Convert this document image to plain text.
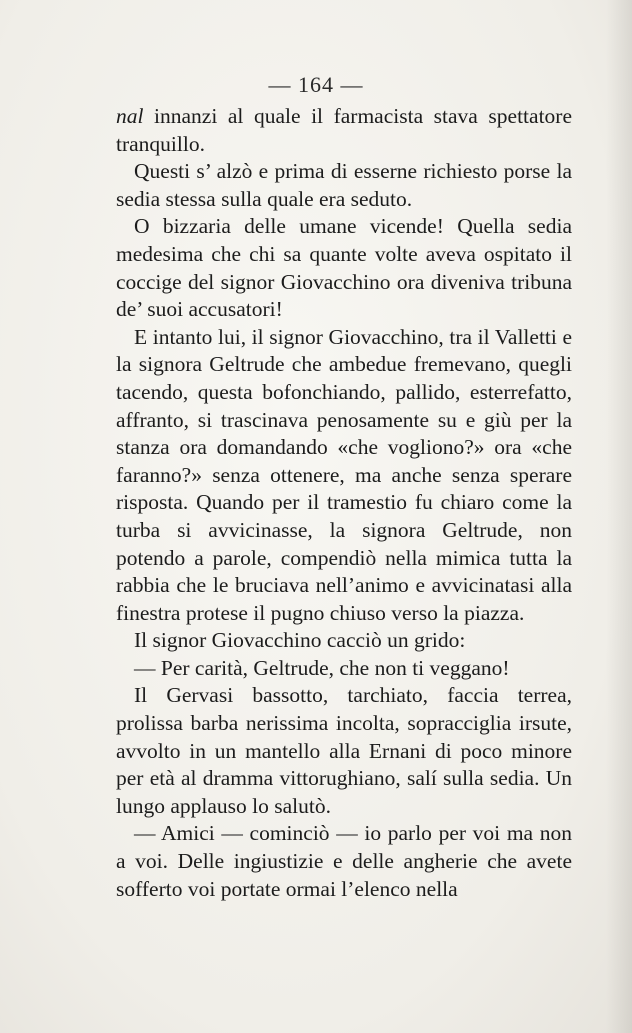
— 164 —

nal innanzi al quale il farmacista stava spettatore tranquillo.

Questi s’ alzò e prima di esserne richiesto porse la sedia stessa sulla quale era seduto.

O bizzaria delle umane vicende! Quella sedia medesima che chi sa quante volte aveva ospitato il coccige del signor Giovacchino ora diveniva tribuna de’ suoi accusatori!

E intanto lui, il signor Giovacchino, tra il Valletti e la signora Geltrude che ambedue fremevano, quegli tacendo, questa bofonchiando, pallido, esterrefatto, affranto, si trascinava penosamente su e giù per la stanza ora domandando «che vogliono?» ora «che faranno?» senza ottenere, ma anche senza sperare risposta. Quando per il tramestio fu chiaro come la turba si avvicinasse, la signora Geltrude, non potendo a parole, compendiò nella mimica tutta la rabbia che le bruciava nell’animo e avvicinatasi alla finestra protese il pugno chiuso verso la piazza.

Il signor Giovacchino cacciò un grido:

— Per carità, Geltrude, che non ti veggano!

Il Gervasi bassotto, tarchiato, faccia terrea, prolissa barba nerissima incolta, sopracciglia irsute, avvolto in un mantello alla Ernani di poco minore per età al dramma vittorughiano, salí sulla sedia. Un lungo applauso lo salutò.

— Amici — cominciò — io parlo per voi ma non a voi. Delle ingiustizie e delle angherie che avete sofferto voi portate ormai l’elenco nella
